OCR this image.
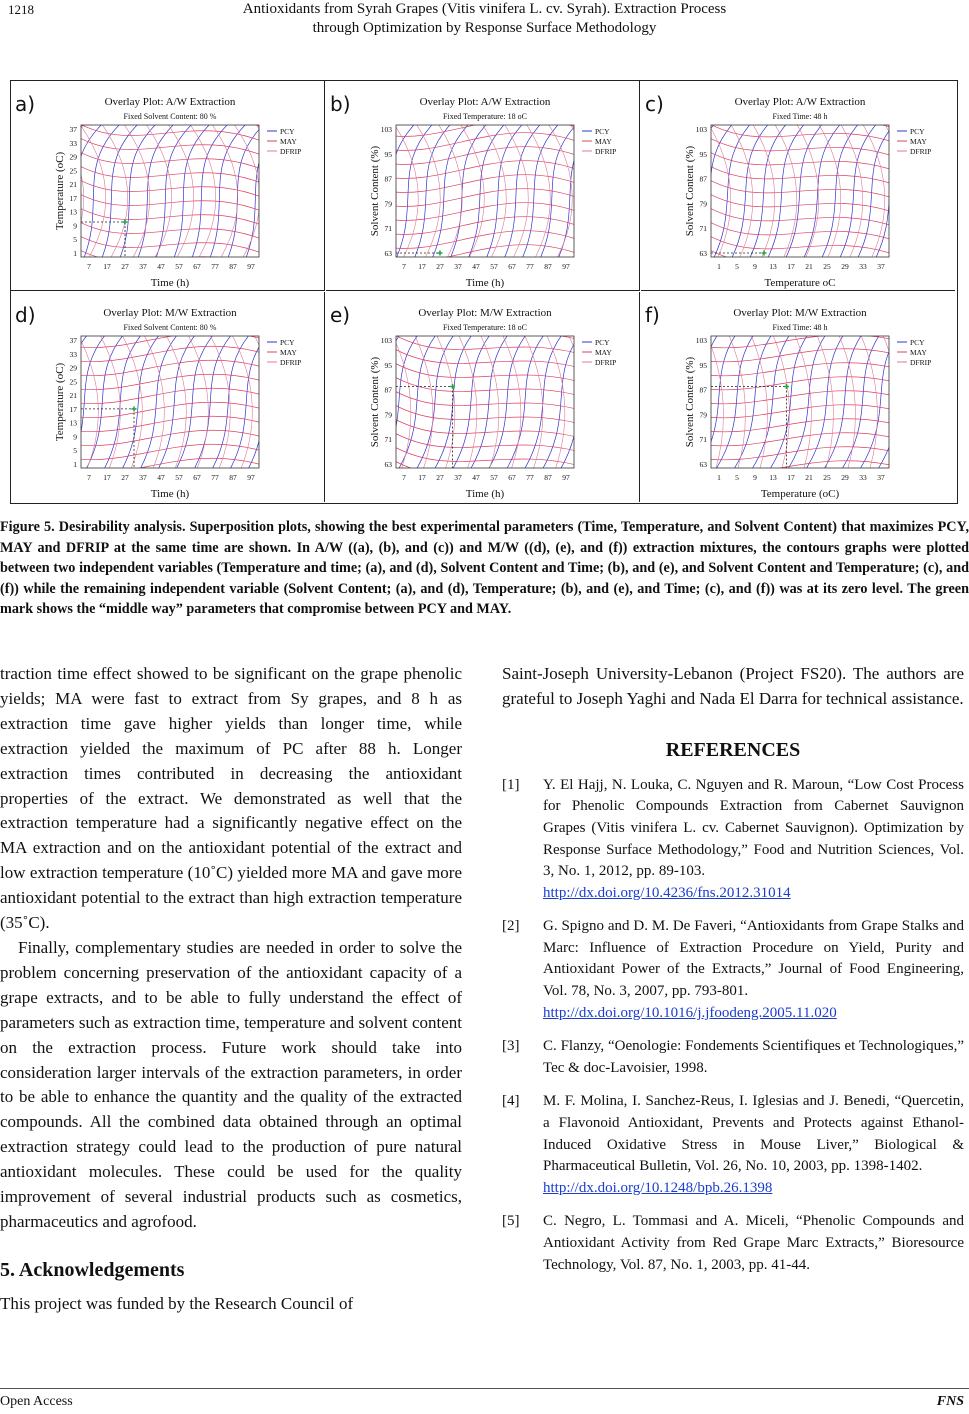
1218	Antioxidants from Syrah Grapes (Vitis vinifera L. cv. Syrah). Extraction Process
through Optimization by Response Surface Methodology
a)	Overlay Plot: A/W Extraction
Fixed Solvent Content: 80 %
37
33
29
25
21
17
13
9
5
1
7 17 27 37 47 57 67 77 87 97
Time (h)
Temperature (oC)
PCY
MAY
DFRIP
b)	Overlay Plot: A/W Extraction
Fixed Temperature: 18 oC
103
95
87
79
71
63
7 17 27 37 47 57 67 77 87 97
Time (h)
Solvent Content (%)
PCY
MAY
DFRIP
c)	Overlay Plot: A/W Extraction
Fixed Time: 48 h
103
95
87
79
71
63
1 5 9 13 17 21 25 29 33 37
Temperature oC
Solvent Content (%)
PCY
MAY
DFRIP
d)	Overlay Plot: M/W Extraction
Fixed Solvent Content: 80 %
37
33
29
25
21
17
13
9
5
1
7 17 27 37 47 57 67 77 87 97
Time (h)
Temperature (oC)
PCY
MAY
DFRIP
e)	Overlay Plot: M/W Extraction
Fixed Temperature: 18 oC
103
95
87
79
71
63
7 17 27 37 47 57 67 77 87 97
Time (h)
Solvent Content (%)
PCY
MAY
DFRIP
f)	Overlay Plot: M/W Extraction
Fixed Time: 48 h
103
95
87
79
71
63
1 5 9 13 17 21 25 29 33 37
Temperature (oC)
Solvent Content (%)
PCY
MAY
DFRIP
Figure 5. Desirability analysis. Superposition plots, showing the best experimental parameters (Time, Temperature, and Solvent Content) that maximizes PCY, MAY and DFRIP at the same time are shown. In A/W ((a), (b), and (c)) and M/W ((d), (e), and (f)) extraction mixtures, the contours graphs were plotted between two independent variables (Temperature and time; (a), and (d), Solvent Content and Time; (b), and (e), and Solvent Content and Temperature; (c), and (f)) while the remaining independent variable (Solvent Content; (a), and (d), Temperature; (b), and (e), and Time; (c), and (f)) was at its zero level. The green mark shows the “middle way” parameters that compromise between PCY and MAY.

traction time effect showed to be significant on the grape phenolic yields; MA were fast to extract from Sy grapes, and 8 h as extraction time gave higher yields than longer time, while extraction yielded the maximum of PC after 88 h. Longer extraction times contributed in decreasing the antioxidant properties of the extract. We demonstrated as well that the extraction temperature had a significantly negative effect on the MA extraction and on the antioxidant potential of the extract and low extraction temperature (10˚C) yielded more MA and gave more antioxidant potential to the extract than high extraction temperature (35˚C).

Finally, complementary studies are needed in order to solve the problem concerning preservation of the antioxidant capacity of a grape extracts, and to be able to fully understand the effect of parameters such as extraction time, temperature and solvent content on the extraction process. Future work should take into consideration larger intervals of the extraction parameters, in order to be able to enhance the quantity and the quality of the extracted compounds. All the combined data obtained through an optimal extraction strategy could lead to the production of pure natural antioxidant molecules. These could be used for the quality improvement of several industrial products such as cosmetics, pharmaceutics and agrofood.

5. Acknowledgements

This project was funded by the Research Council of

Saint-Joseph University-Lebanon (Project FS20). The authors are grateful to Joseph Yaghi and Nada El Darra for technical assistance.

REFERENCES
[1] Y. El Hajj, N. Louka, C. Nguyen and R. Maroun, “Low Cost Process for Phenolic Compounds Extraction from Cabernet Sauvignon Grapes (Vitis vinifera L. cv. Cabernet Sauvignon). Optimization by Response Surface Methodology,” Food and Nutrition Sciences, Vol. 3, No. 1, 2012, pp. 89-103.
http://dx.doi.org/10.4236/fns.2012.31014
[2] G. Spigno and D. M. De Faveri, “Antioxidants from Grape Stalks and Marc: Influence of Extraction Procedure on Yield, Purity and Antioxidant Power of the Extracts,” Journal of Food Engineering, Vol. 78, No. 3, 2007, pp. 793-801.
http://dx.doi.org/10.1016/j.jfoodeng.2005.11.020
[3] C. Flanzy, “Oenologie: Fondements Scientifiques et Technologiques,” Tec & doc-Lavoisier, 1998.
[4] M. F. Molina, I. Sanchez-Reus, I. Iglesias and J. Benedi, “Quercetin, a Flavonoid Antioxidant, Prevents and Protects against Ethanol-Induced Oxidative Stress in Mouse Liver,” Biological & Pharmaceutical Bulletin, Vol. 26, No. 10, 2003, pp. 1398-1402.
http://dx.doi.org/10.1248/bpb.26.1398
[5] C. Negro, L. Tommasi and A. Miceli, “Phenolic Compounds and Antioxidant Activity from Red Grape Marc Extracts,” Bioresource Technology, Vol. 87, No. 1, 2003, pp. 41-44.
Open Access	FNS
